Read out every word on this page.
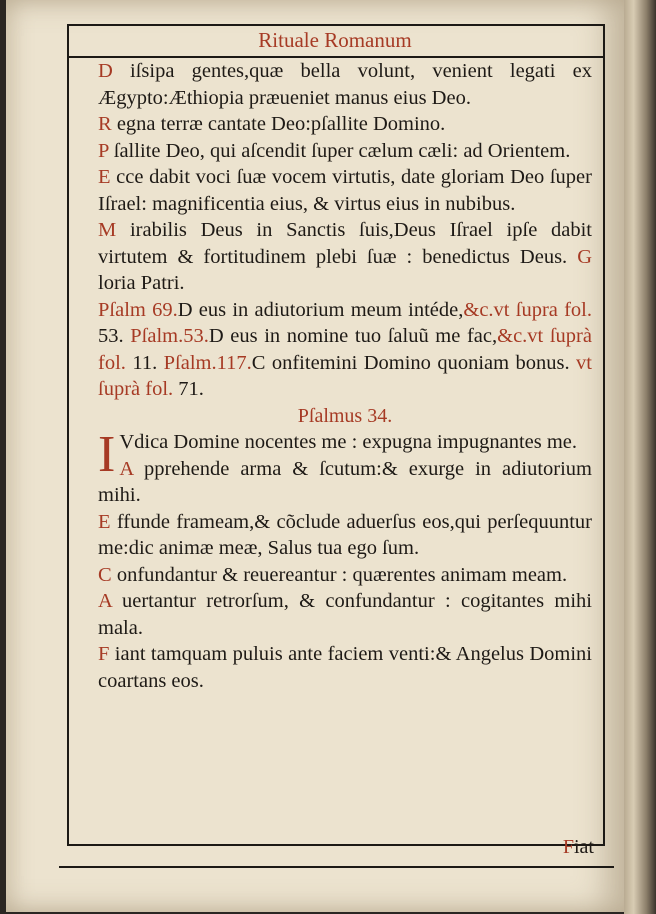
Rituale Romanum

D iſsipa gentes,quæ bella volunt, venient legati ex Ægypto:Æthiopia præueniet manus eius Deo.

R egna terræ cantate Deo:pſallite Domino.

P ſallite Deo, qui aſcendit ſuper cælum cæli: ad Orientem.

E cce dabit voci ſuæ vocem virtutis, date gloriam Deo ſuper Iſrael: magnificentia eius, & virtus eius in nubibus.

M irabilis Deus in Sanctis ſuis,Deus Iſrael ipſe dabit virtutem & fortitudinem plebi ſuæ : benedictus Deus. G loria Patri.

Pſalm 69.D eus in adiutorium meum intéde,&c.vt ſupra fol. 53. Pſalm.53.D eus in nomine tuo ſaluũ me fac,&c.vt ſuprà fol. 11. Pſalm.117.C onfitemini Domino quoniam bonus. vt ſuprà fol. 71.

Pſalmus 34.

I Vdica Domine nocentes me : expugna impugnantes me.

A pprehende arma & ſcutum:& exurge in adiutorium mihi.

E ffunde frameam,& cõclude aduerſus eos,qui perſequuntur me:dic animæ meæ, Salus tua ego ſum.

C onfundantur & reuereantur : quærentes animam meam.

A uertantur retrorſum, & confundantur : cogitantes mihi mala.

F iant tamquam puluis ante faciem venti:& Angelus Domini coartans eos.

Fiat
